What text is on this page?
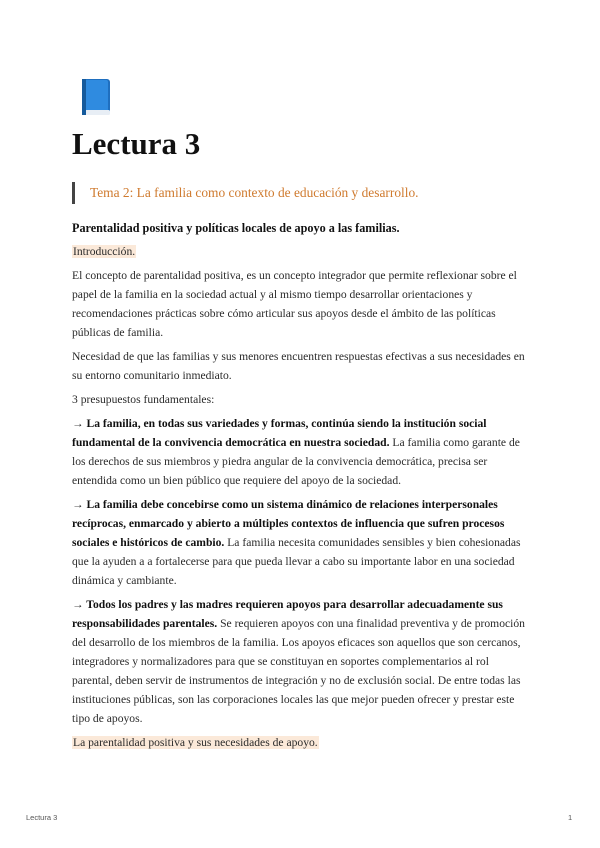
Lectura 3
Tema 2: La familia como contexto de educación y desarrollo.
Parentalidad positiva y políticas locales de apoyo a las familias.

Introducción.

El concepto de parentalidad positiva, es un concepto integrador que permite reflexionar sobre el papel de la familia en la sociedad actual y al mismo tiempo desarrollar orientaciones y recomendaciones prácticas sobre cómo articular sus apoyos desde el ámbito de las políticas públicas de familia.

Necesidad de que las familias y sus menores encuentren respuestas efectivas a sus necesidades en su entorno comunitario inmediato.

3 presupuestos fundamentales:

→ La familia, en todas sus variedades y formas, continúa siendo la institución social fundamental de la convivencia democrática en nuestra sociedad. La familia como garante de los derechos de sus miembros y piedra angular de la convivencia democrática, precisa ser entendida como un bien público que requiere del apoyo de la sociedad.

→ La familia debe concebirse como un sistema dinámico de relaciones interpersonales recíprocas, enmarcado y abierto a múltiples contextos de influencia que sufren procesos sociales e históricos de cambio. La familia necesita comunidades sensibles y bien cohesionadas que la ayuden a a fortalecerse para que pueda llevar a cabo su importante labor en una sociedad dinámica y cambiante.

→ Todos los padres y las madres requieren apoyos para desarrollar adecuadamente sus responsabilidades parentales. Se requieren apoyos con una finalidad preventiva y de promoción del desarrollo de los miembros de la familia. Los apoyos eficaces son aquellos que son cercanos, integradores y normalizadores para que se constituyan en soportes complementarios al rol parental, deben servir de instrumentos de integración y no de exclusión social. De entre todas las instituciones públicas, son las corporaciones locales las que mejor pueden ofrecer y prestar este tipo de apoyos.

La parentalidad positiva y sus necesidades de apoyo.

Lectura 3	1
